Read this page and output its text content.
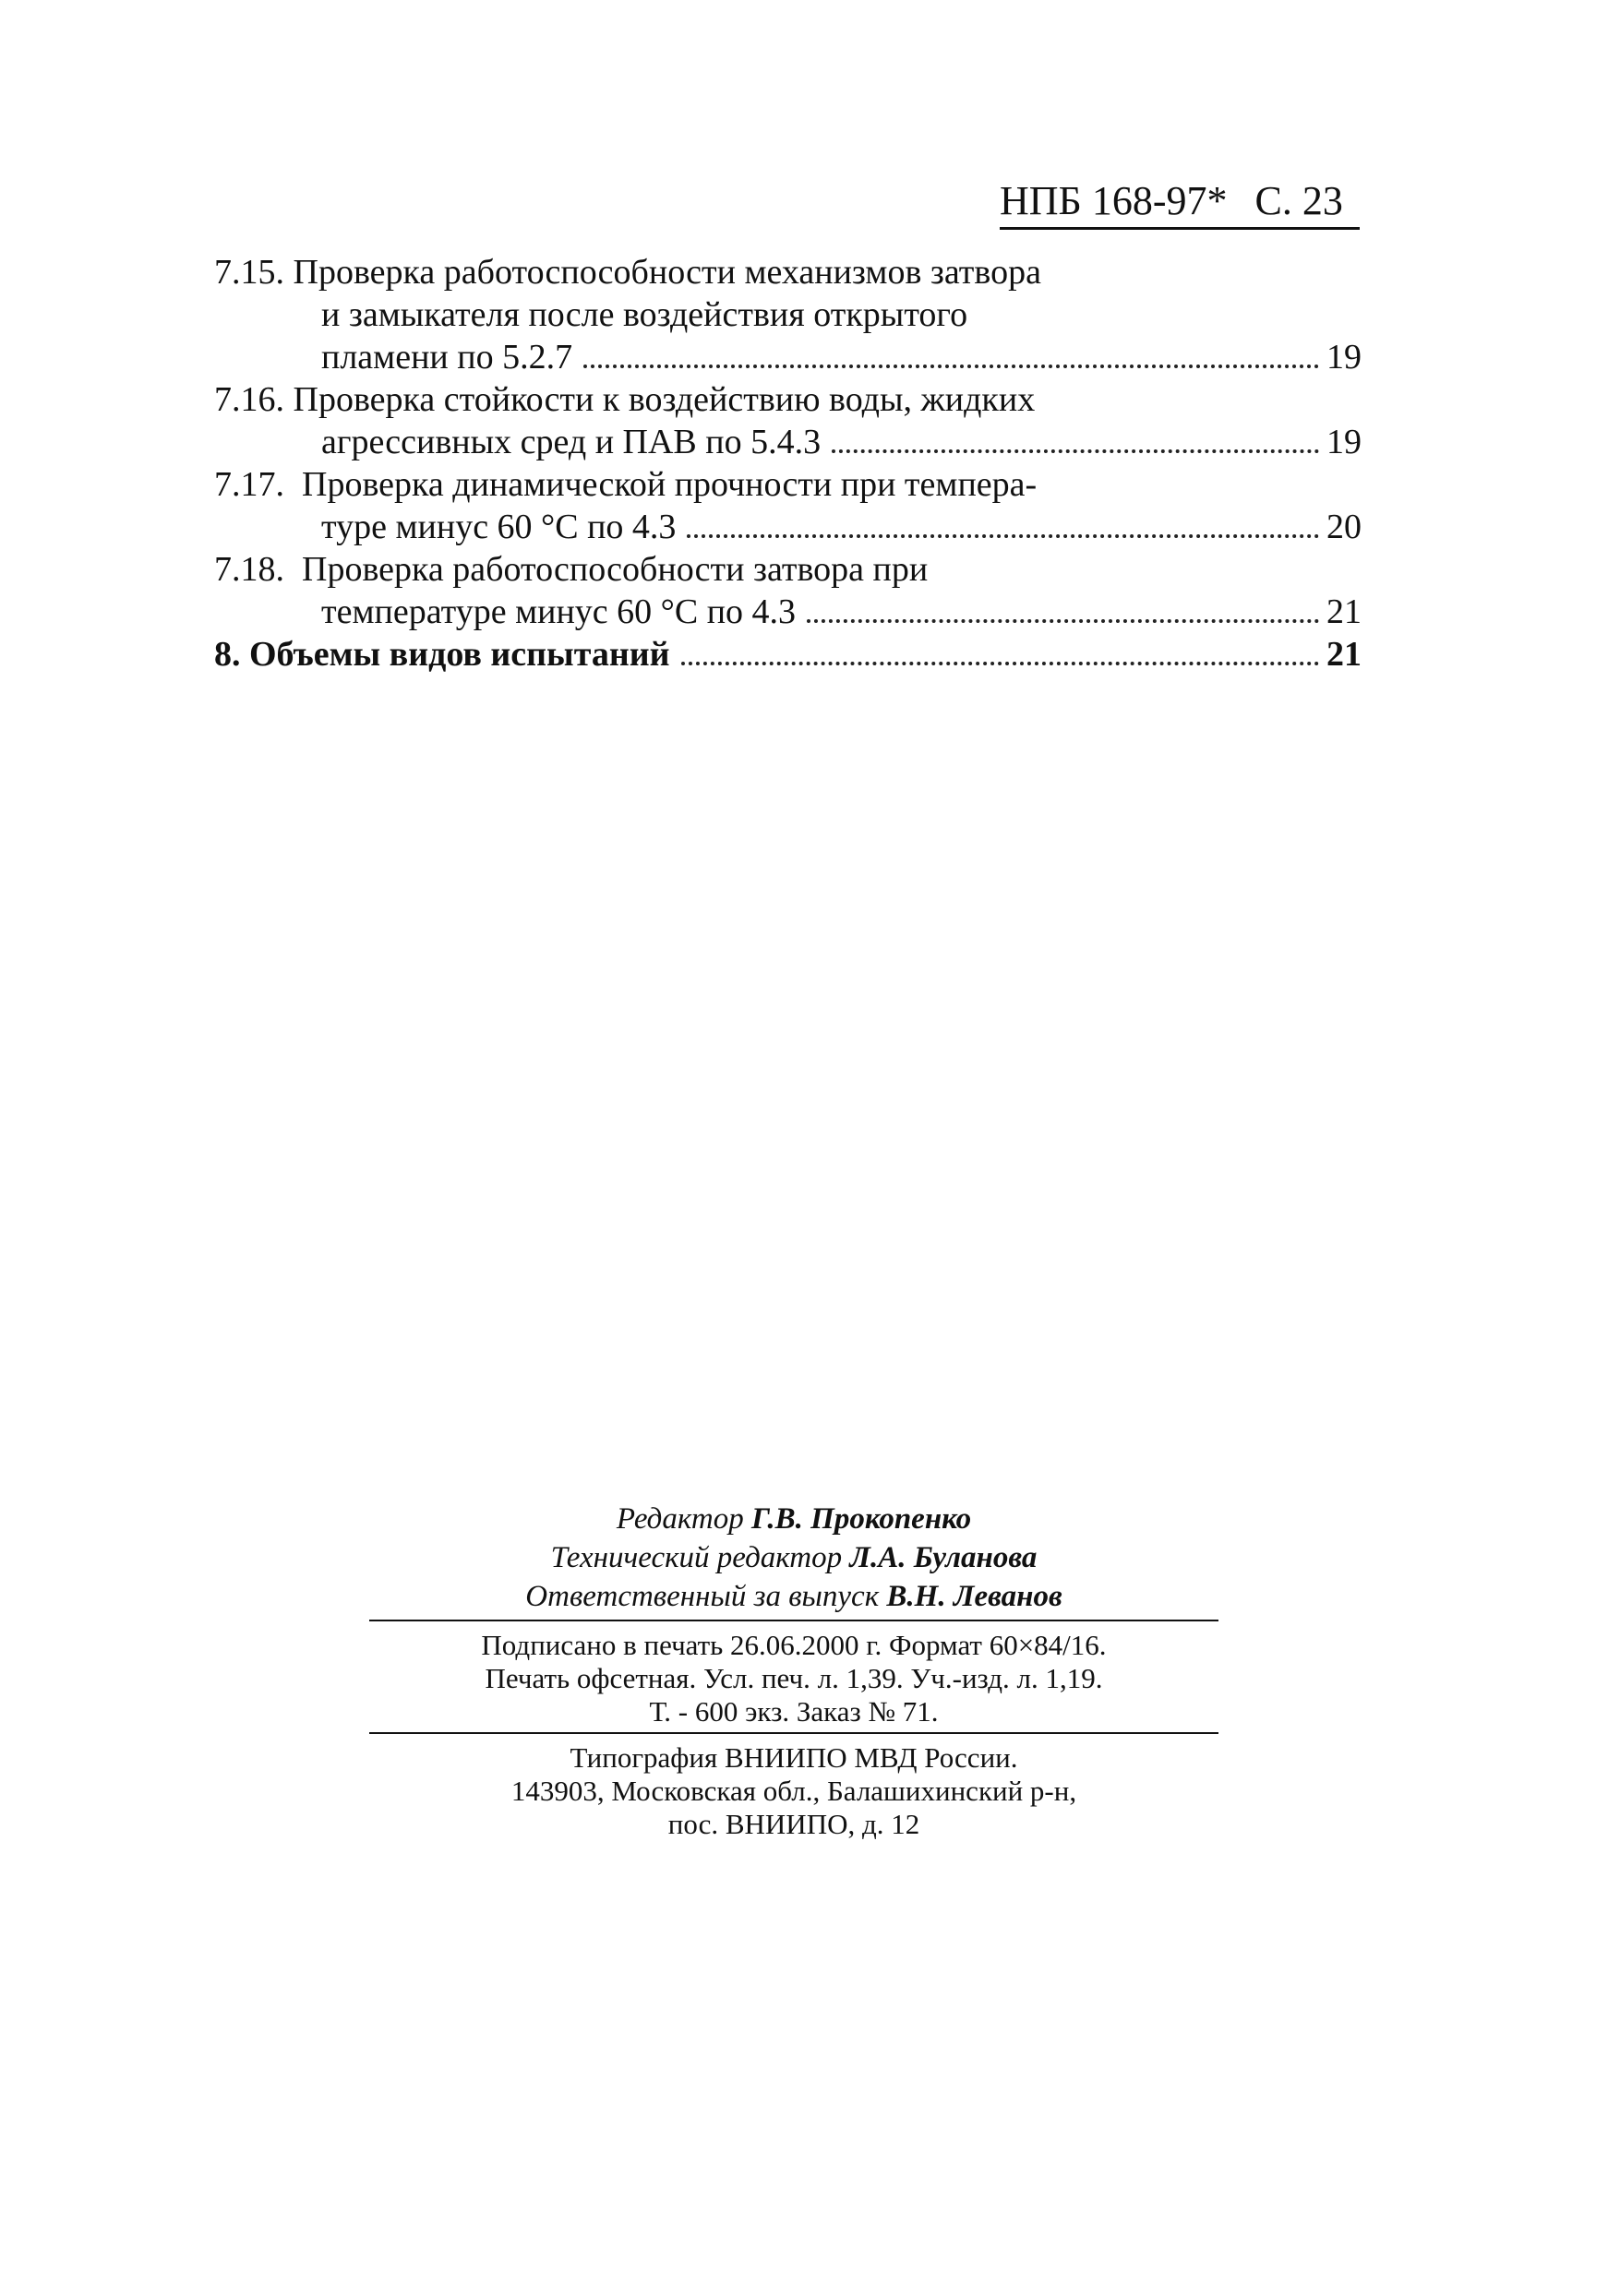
НПБ 168-97* С. 23
7.15.
Проверка работоспособности механизмов затвора
и замыкателя после воздействия открытого
пламени по 5.2.7	19
7.16.
Проверка стойкости к воздействию воды, жидких
агрессивных сред и ПАВ по 5.4.3	19
7.17.
Проверка динамической прочности при темпера-
туре минус 60 °С по 4.3	20
7.18.
Проверка работоспособности затвора при
температуре минус 60 °С по 4.3	21
8.
Объемы видов испытаний	21
Редактор Г.В. Прокопенко
Технический редактор Л.А. Буланова
Ответственный за выпуск В.Н. Леванов
Подписано в печать 26.06.2000 г. Формат 60×84/16.
Печать офсетная. Усл. печ. л. 1,39. Уч.-изд. л. 1,19.
Т. - 600 экз. Заказ № 71.
Типография ВНИИПО МВД России.
143903, Московская обл., Балашихинский р-н,
пос. ВНИИПО, д. 12
